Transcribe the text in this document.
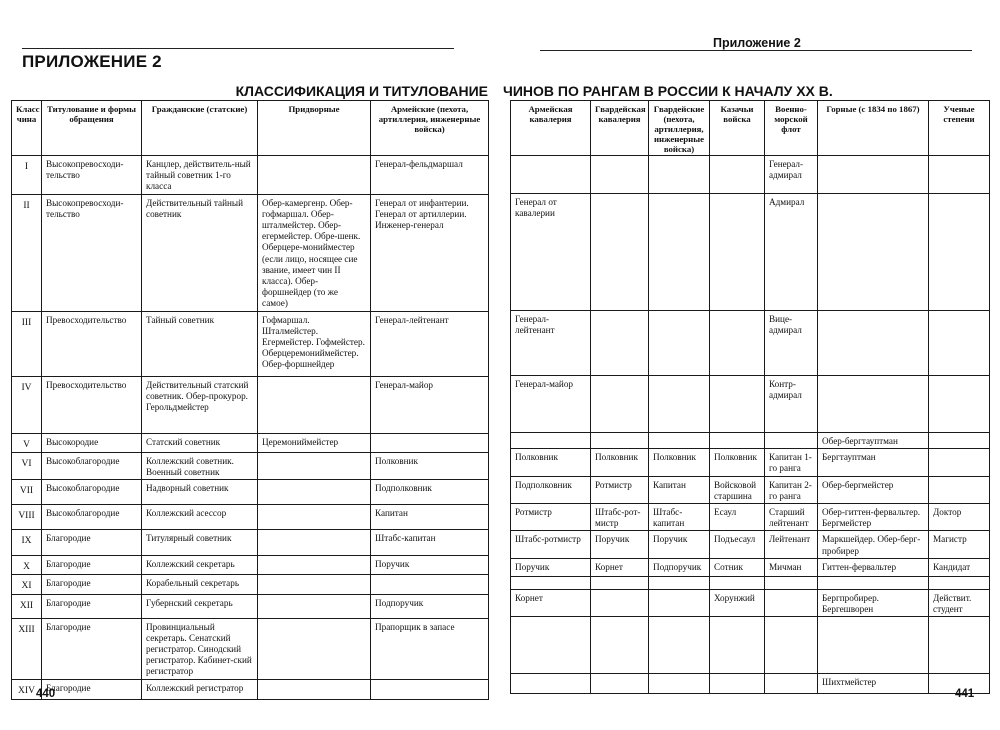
ПРИЛОЖЕНИЕ 2
КЛАССИФИКАЦИЯ И ТИТУЛОВАНИЕ
Класс чина	Титулование и формы обращения	Гражданские (статские)	Придворные	Армейские (пехота, артиллерия, инженерные войска)
I	Высокопревосходи-тельство	Канцлер, действитель-ный тайный советник 1-го класса		Генерал-фельдмаршал
II	Высокопревосходи-тельство	Действительный тайный советник	Обер-камергенр. Обер-гофмаршал. Обер-шталмейстер. Обер-егермейстер. Обре-шенк. Оберцере-монийместер (если лицо, носящее сие звание, имеет чин II класса). Обер-форшнейдер (то же самое)	Генерал от инфантерии. Генерал от артиллерии. Инженер-генерал
III	Превосходительство	Тайный советник	Гофмаршал. Шталмейстер. Егермейстер. Гофмейстер. Оберцеремониймейстер. Обер-форшнейдер	Генерал-лейтенант
IV	Превосходительство	Действительный статский советник. Обер-прокурор. Герольдмейстер		Генерал-майор
V	Высокородие	Статский советник	Церемониймейстер	
VI	Высокоблагородие	Коллежский советник. Военный советник		Полковник
VII	Высокоблагородие	Надворный советник		Подполковник
VIII	Высокоблагородие	Коллежский асессор		Капитан
IX	Благородие	Титулярный советник		Штабс-капитан
X	Благородие	Коллежский секретарь		Поручик
XI	Благородие	Корабельный секретарь		
XII	Благородие	Губернский секретарь		Подпоручик
XIII	Благородие	Провинциальный секретарь. Сенатский регистратор. Синодский регистратор. Кабинет-ский регистратор		Прапорщик в запасе
XIV	Благородие	Коллежский регистратор		
440
Приложение 2
ЧИНОВ ПО РАНГАМ В РОССИИ К НАЧАЛУ XX В.
Армейская кавалерия	Гвардейская кавалерия	Гвардейские (пехота, артиллерия, инженерные войска)	Казачьи войска	Военно-морской флот	Горные (с 1834 по 1867)	Ученые степени
				Генерал-адмирал		
Генерал от кавалерии				Адмирал		
Генерал-лейтенант				Вице-адмирал		
Генерал-майор				Контр-адмирал		
					Обер-бергтауптман	
Полковник	Полковник	Полковник	Полковник	Капитан 1-го ранга	Бергтауптман	
Подполковник	Ротмистр	Капитан	Войсковой старшина	Капитан 2-го ранга	Обер-бергмейстер	
Ротмистр	Штабс-рот-мистр	Штабс-капитан	Есаул	Старший лейтенант	Обер-гиттен-фервальтер. Бергмейстер	Доктор
Штабс-ротмистр	Поручик	Поручик	Подъесаул	Лейтенант	Маркшейдер. Обер-берг-пробирер	Магистр
Поручик	Корнет	Подпоручик	Сотник	Мичман	Гиттен-фервальтер	Кандидат

Корнет			Хорунжий		Бергпробирер. Бергешворен	Действит. студент

					Шихтмейстер	
441
